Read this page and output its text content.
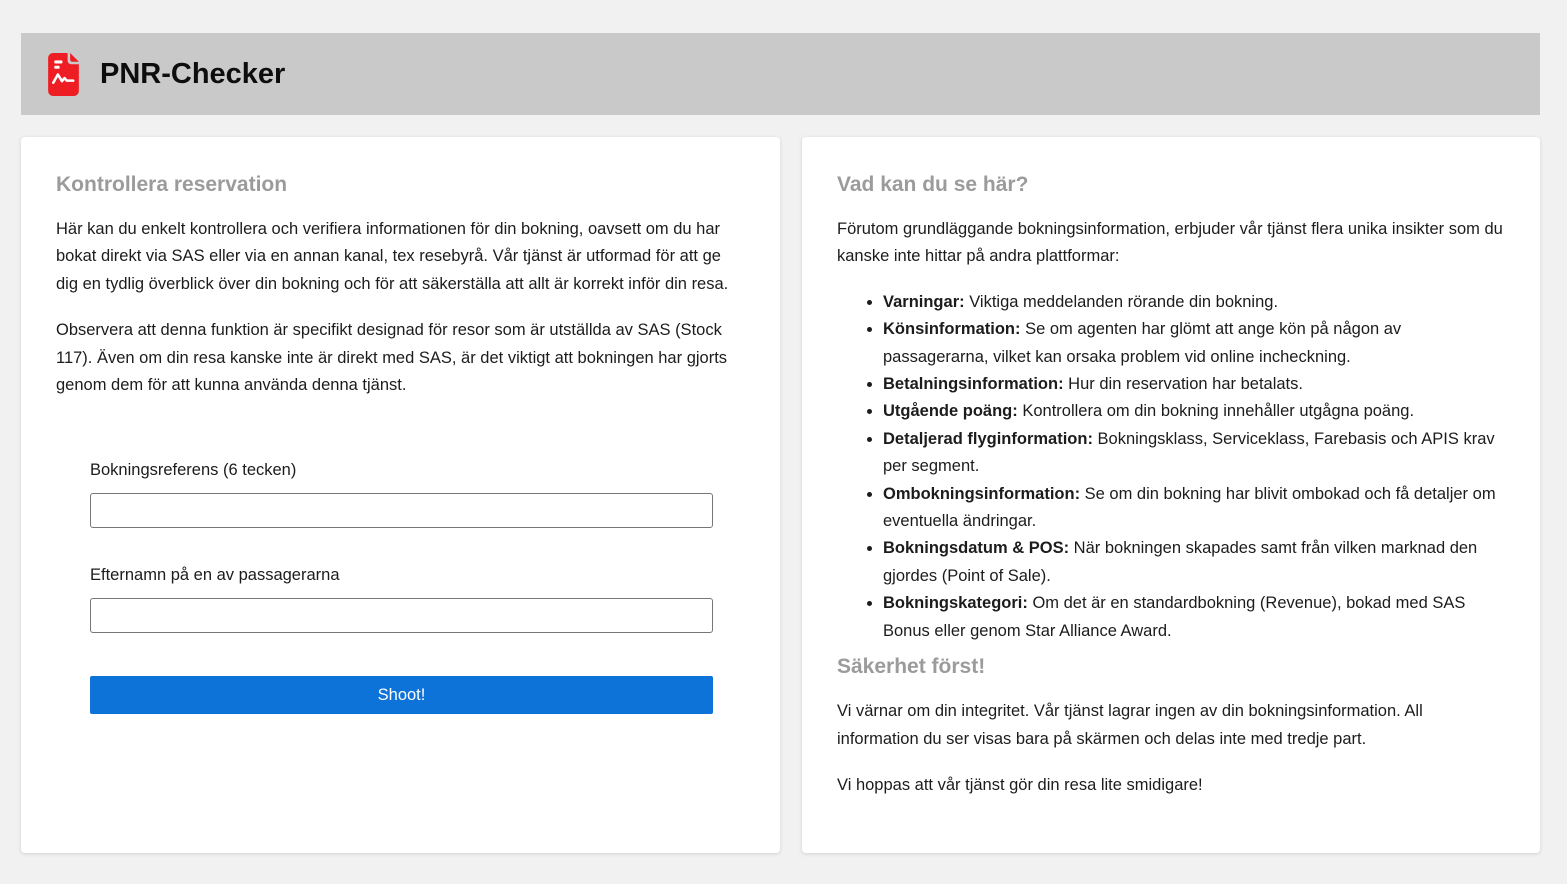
PNR-Checker
Kontrollera reservation

Här kan du enkelt kontrollera och verifiera informationen för din bokning, oavsett om du har bokat direkt via SAS eller via en annan kanal, tex resebyrå. Vår tjänst är utformad för att ge dig en tydlig överblick över din bokning och för att säkerställa att allt är korrekt inför din resa.

Observera att denna funktion är specifikt designad för resor som är utställda av SAS (Stock 117). Även om din resa kanske inte är direkt med SAS, är det viktigt att bokningen har gjorts genom dem för att kunna använda denna tjänst.

Bokningsreferens (6 tecken)
Efternamn på en av passagerarna
Shoot!
Vad kan du se här?

Förutom grundläggande bokningsinformation, erbjuder vår tjänst flera unika insikter som du kanske inte hittar på andra plattformar:

• Varningar: Viktiga meddelanden rörande din bokning.
• Könsinformation: Se om agenten har glömt att ange kön på någon av passagerarna, vilket kan orsaka problem vid online incheckning.
• Betalningsinformation: Hur din reservation har betalats.
• Utgående poäng: Kontrollera om din bokning innehåller utgågna poäng.
• Detaljerad flyginformation: Bokningsklass, Serviceklass, Farebasis och APIS krav per segment.
• Ombokningsinformation: Se om din bokning har blivit ombokad och få detaljer om eventuella ändringar.
• Bokningsdatum & POS: När bokningen skapades samt från vilken marknad den gjordes (Point of Sale).
• Bokningskategori: Om det är en standardbokning (Revenue), bokad med SAS Bonus eller genom Star Alliance Award.
Säkerhet först!

Vi värnar om din integritet. Vår tjänst lagrar ingen av din bokningsinformation. All information du ser visas bara på skärmen och delas inte med tredje part.

Vi hoppas att vår tjänst gör din resa lite smidigare!
